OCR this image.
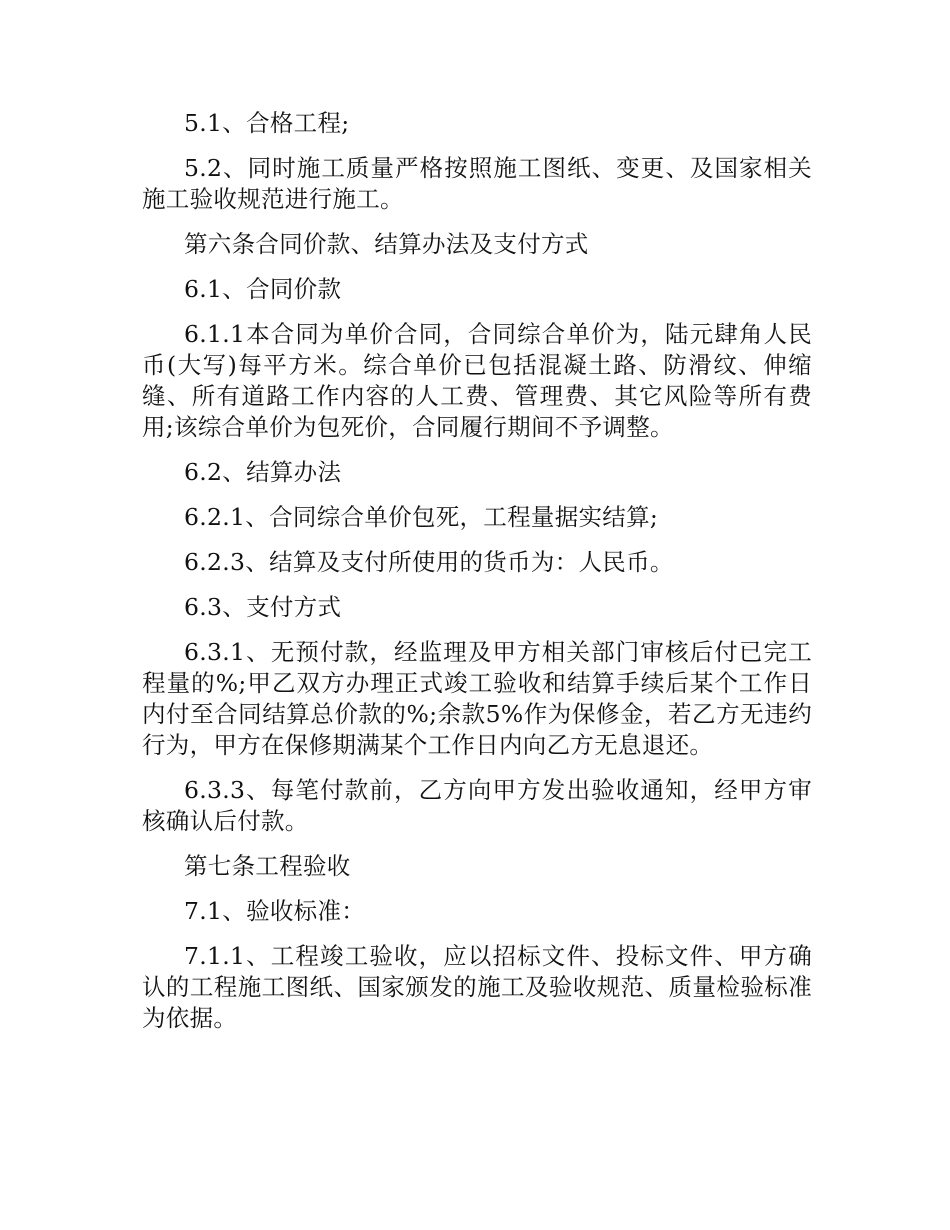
5.1、合格工程;

5.2、同时施工质量严格按照施工图纸、变更、及国家相关施工验收规范进行施工。

第六条合同价款、结算办法及支付方式

6.1、合同价款

6.1.1本合同为单价合同，合同综合单价为，陆元肆角人民币(大写)每平方米。综合单价已包括混凝土路、防滑纹、伸缩缝、所有道路工作内容的人工费、管理费、其它风险等所有费用;该综合单价为包死价，合同履行期间不予调整。

6.2、结算办法

6.2.1、合同综合单价包死，工程量据实结算;

6.2.3、结算及支付所使用的货币为：人民币。

6.3、支付方式

6.3.1、无预付款，经监理及甲方相关部门审核后付已完工程量的%;甲乙双方办理正式竣工验收和结算手续后某个工作日内付至合同结算总价款的%;余款5%作为保修金，若乙方无违约行为，甲方在保修期满某个工作日内向乙方无息退还。

6.3.3、每笔付款前，乙方向甲方发出验收通知，经甲方审核确认后付款。

第七条工程验收

7.1、验收标准：

7.1.1、工程竣工验收，应以招标文件、投标文件、甲方确认的工程施工图纸、国家颁发的施工及验收规范、质量检验标准为依据。
